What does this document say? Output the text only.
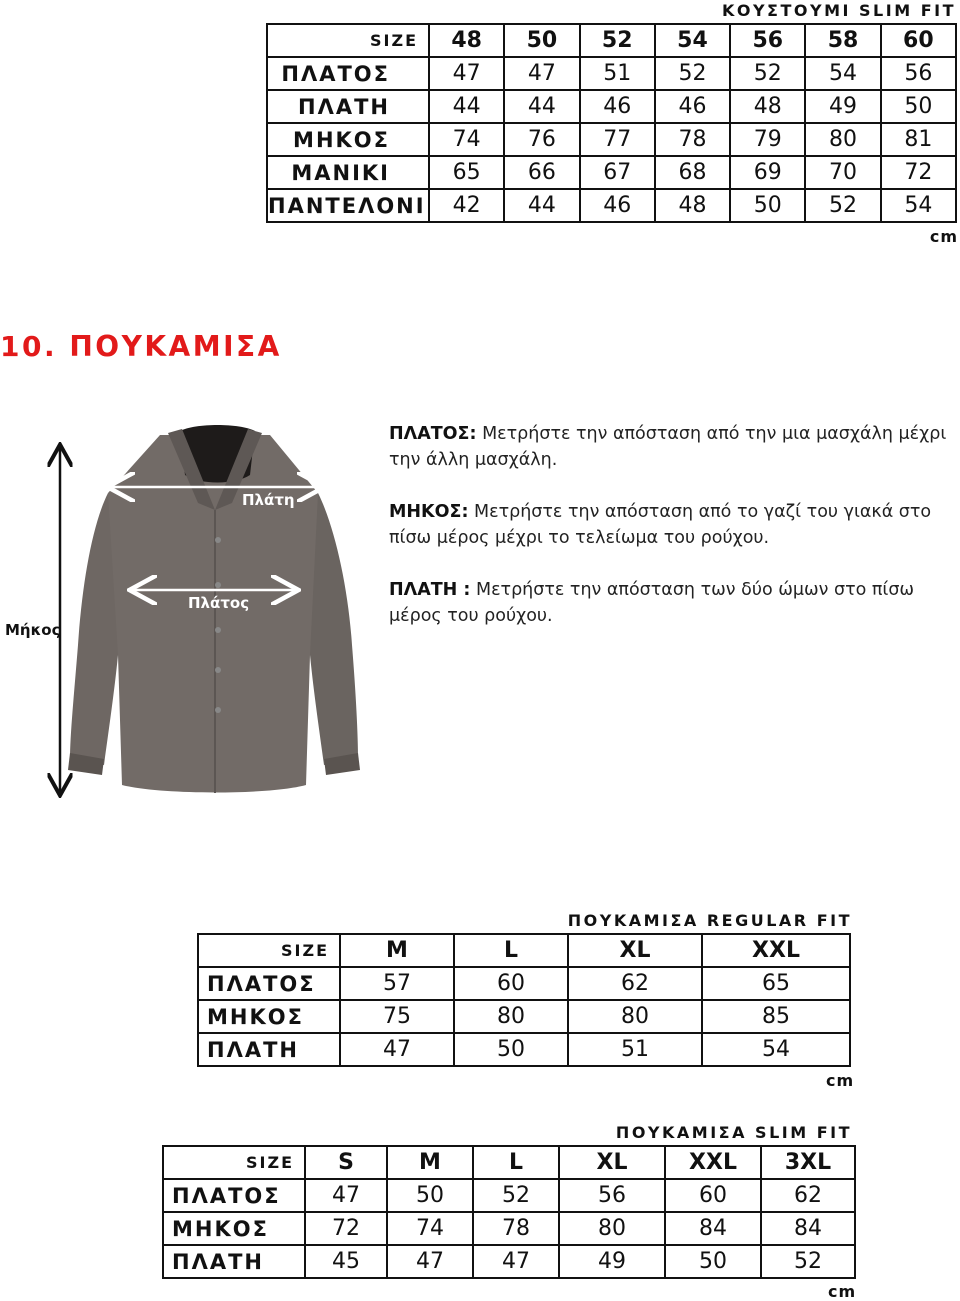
ΚΟΥΣΤΟΥΜΙ SLIM FIT
SIZE	48	50	52	54	56	58	60
ΠΛΑΤΟΣ	47	47	51	52	52	54	56
ΠΛΑΤΗ	44	44	46	46	48	49	50
ΜΗΚΟΣ	74	76	77	78	79	80	81
ΜΑΝΙΚΙ	65	66	67	68	69	70	72
ΠΑΝΤΕΛΟΝΙ	42	44	46	48	50	52	54
cm
10. ΠΟΥΚΑΜΙΣΑ
Πλάτη
Πλάτος
Μήκος
ΠΛΑΤΟΣ: Μετρήστε την απόσταση από την μια μασχάλη μέχρι την άλλη μασχάλη.
ΜΗΚΟΣ: Μετρήστε την απόσταση από το γαζί του γιακά στο πίσω μέρος μέχρι το τελείωμα του ρούχου.
ΠΛΑΤΗ : Μετρήστε την απόσταση των δύο ώμων στο πίσω μέρος του ρούχου.
ΠΟΥΚΑΜΙΣΑ REGULAR FIT
SIZE	M	L	XL	XXL
ΠΛΑΤΟΣ	57	60	62	65
ΜΗΚΟΣ	75	80	80	85
ΠΛΑΤΗ	47	50	51	54
cm
ΠΟΥΚΑΜΙΣΑ SLIM FIT
SIZE	S	M	L	XL	XXL	3XL
ΠΛΑΤΟΣ	47	50	52	56	60	62
ΜΗΚΟΣ	72	74	78	80	84	84
ΠΛΑΤΗ	45	47	47	49	50	52
cm
